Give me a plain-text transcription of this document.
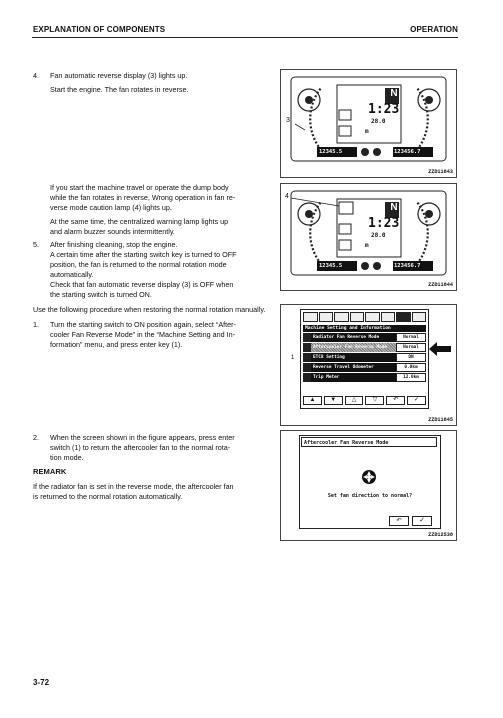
EXPLANATION OF COMPONENTS	OPERATION
4. Fan automatic reverse display (3) lights up.
Start the engine. The fan rotates in reverse.
If you start the machine travel or operate the dump body
while the fan rotates in reverse, Wrong operation in fan re-
verse mode caution lamp (4) lights up.
At the same time, the centralized warning lamp lights up
and alarm buzzer sounds intermittently.
5. After finishing cleaning, stop the engine.
A certain time after the starting switch key is turned to OFF
position, the fan is returned to the normal rotation mode
automatically.
Check that fan automatic reverse display (3) is OFF when
the starting switch is turned ON.
Use the following procedure when restoring the normal rotation manually.
1. Turn the starting switch to ON position again, select “After-
cooler Fan Reverse Mode” in the “Machine Setting and In-
formation” menu, and press enter key (1).
2. When the screen shown in the figure appears, press enter
switch (1) to return the aftercooler fan to the normal rota-
tion mode.
REMARK
If the radiator fan is set in the reverse mode, the aftercooler fan
is returned to the normal rotation automatically.
3-72
1:23
N
28.0
m
12345.5	123456.7
3
ZZD11843
1:23
N
28.0
m
12345.5	123456.7
4
ZZD11844
Machine Setting and Information
Radiator Fan Reverse Mode	Normal
Aftercooler Fan Reverse Mode	Normal
ETC8 Setting	ON
Reverse Travel Odometer	0.0km
Trip Meter	12.0km
▲	▼	△	▽	↶	✓
1
ZZD11845
Aftercooler Fan Reverse Mode
Set fan direction to normal?
↶	✓
ZZD12538
